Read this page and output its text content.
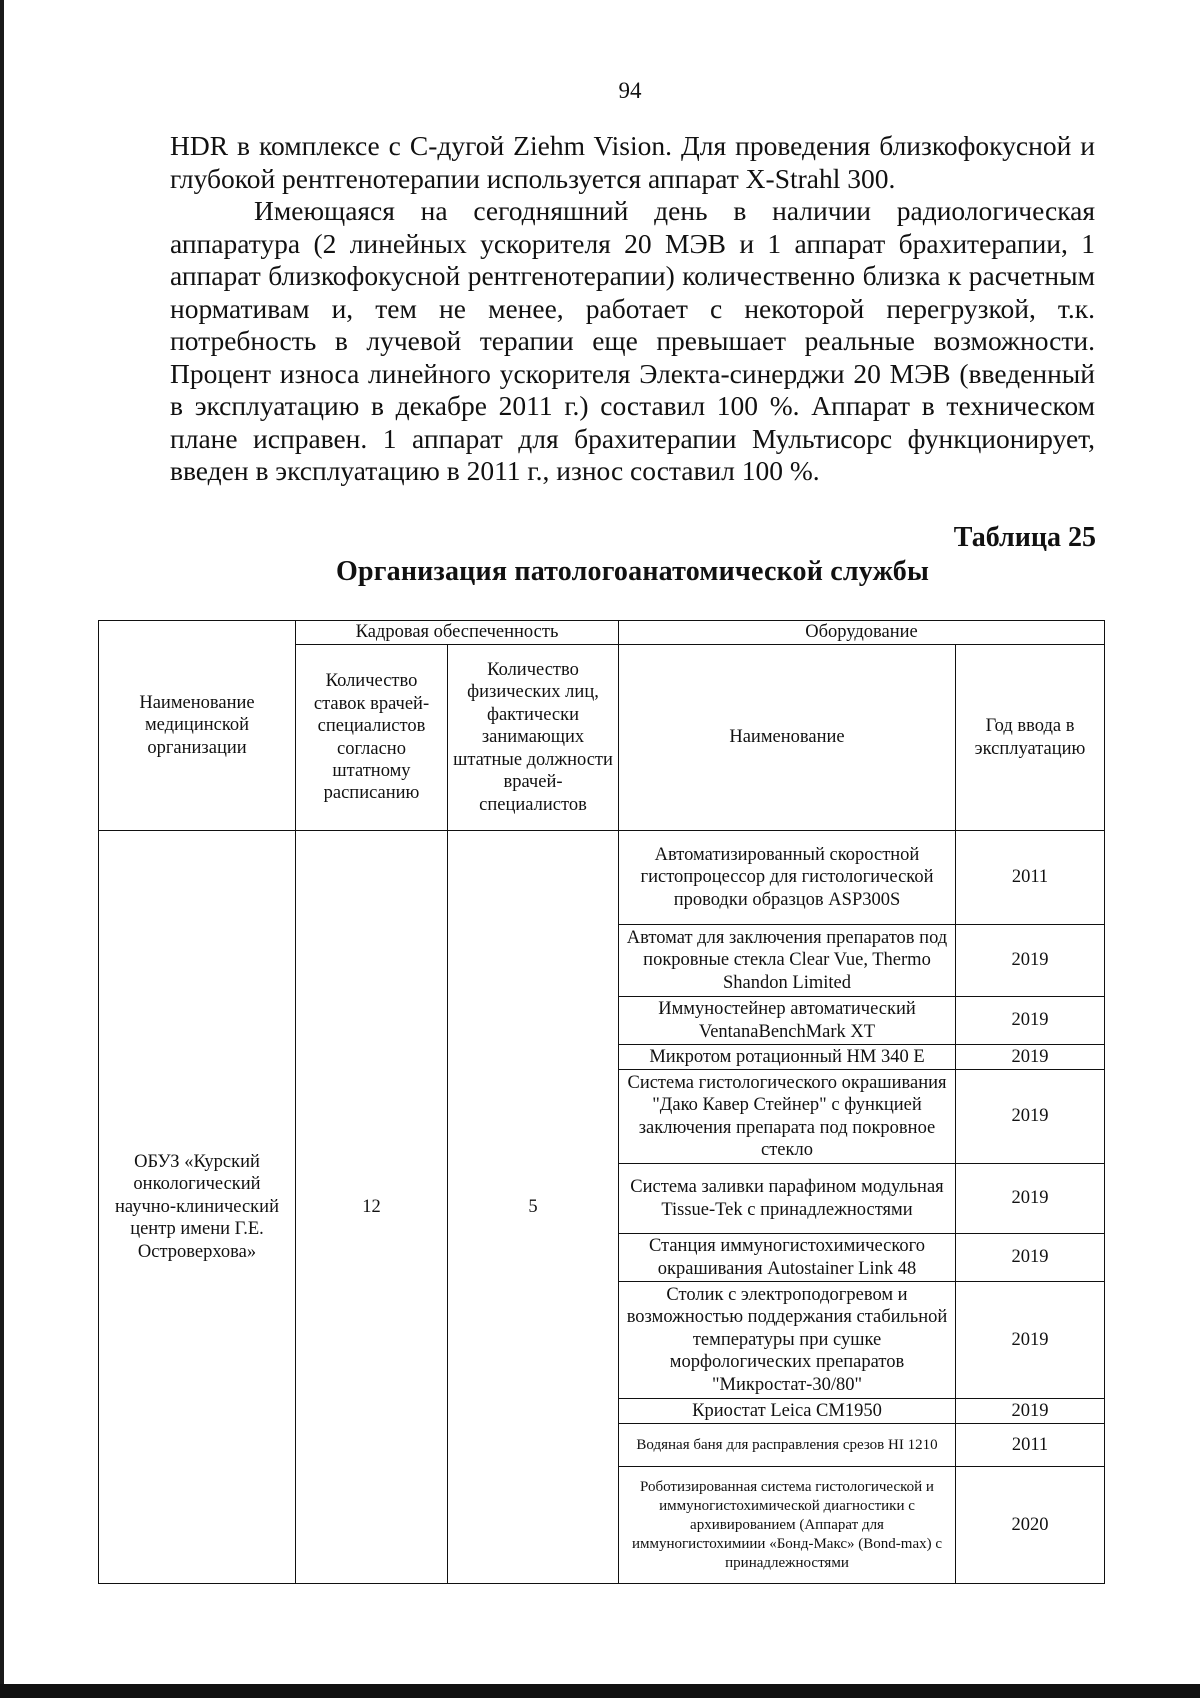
94

HDR в комплексе с С-дугой Ziehm Vision. Для проведения близкофокусной и глубокой рентгенотерапии используется аппарат X-Strahl 300.

Имеющаяся на сегодняшний день в наличии радиологическая аппаратура (2 линейных ускорителя 20 МЭВ и 1 аппарат брахитерапии, 1 аппарат близкофокусной рентгенотерапии) количественно близка к расчетным нормативам и, тем не менее, работает с некоторой перегрузкой, т.к. потребность в лучевой терапии еще превышает реальные возможности. Процент износа линейного ускорителя Электа-синерджи 20 МЭВ (введенный в эксплуатацию в декабре 2011 г.) составил 100 %. Аппарат в техническом плане исправен. 1 аппарат для брахитерапии Мультисорс функционирует, введен в эксплуатацию в 2011 г., износ составил 100 %.

Таблица 25
Организация патологоанатомической службы
Наименование медицинской организации	Кадровая обеспеченность		Оборудование	
	Количество ставок врачей-специалистов согласно штатному расписанию	Количество физических лиц, фактически занимающих штатные должности врачей-специалистов	Наименование	Год ввода в эксплуатацию
ОБУЗ «Курский онкологический научно-клинический центр имени Г.Е. Островерхова»	12	5	Автоматизированный скоростной гистопроцессор для гистологической проводки образцов ASP300S	2011
			Автомат для заключения препаратов под покровные стекла Clear Vue, Thermo Shandon Limited	2019
			Иммуностейнер автоматический VentanaBenchMark XT	2019
			Микротом ротационный HM 340 E	2019
			Система гистологического окрашивания "Дако Кавер Стейнер" с функцией заключения препарата под покровное стекло	2019
			Система заливки парафином модульная Tissue-Tek с принадлежностями	2019
			Станция иммуногистохимического окрашивания Autostainer Link 48	2019
			Столик с электроподогревом и возможностью поддержания стабильной температуры при сушке морфологических препаратов "Микростат-30/80"	2019
			Криостат Leica CM1950	2019
			Водяная баня для расправления срезов HI 1210	2011
			Роботизированная система гистологической и иммуногистохимической диагностики с архивированием (Аппарат для иммуногистохимиии «Бонд-Макс» (Bond-max) с принадлежностями	2020
